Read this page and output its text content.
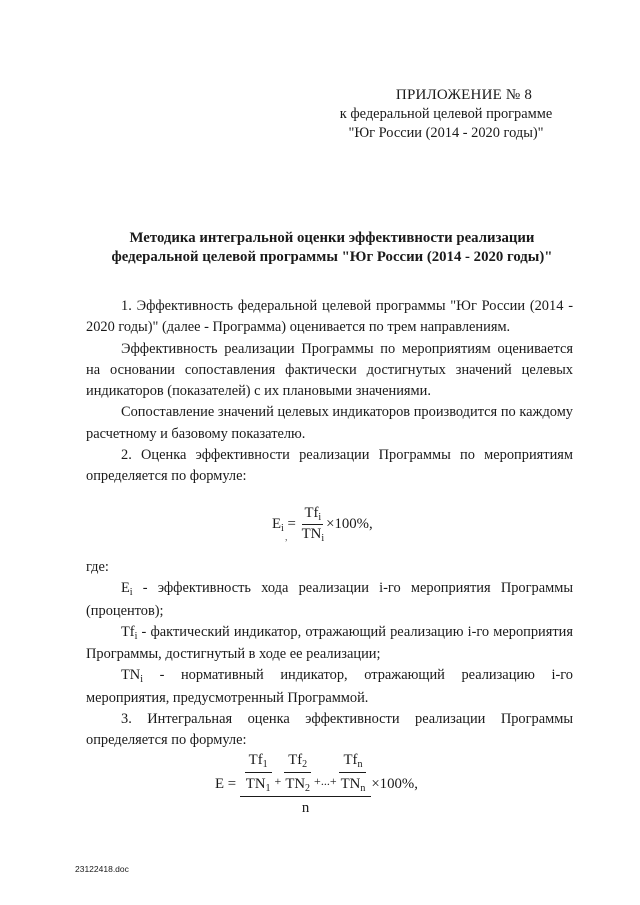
ПРИЛОЖЕНИЕ № 8
к федеральной целевой программе
"Юг России (2014 - 2020 годы)"
Методика интегральной оценки эффективности реализации
федеральной целевой программы "Юг России (2014 - 2020 годы)"

1. Эффективность федеральной целевой программы "Юг России (2014 - 2020 годы)" (далее - Программа) оценивается по трем направлениям.

Эффективность реализации Программы по мероприятиям оценивается на основании сопоставления фактически достигнутых значений целевых индикаторов (показателей) с их плановыми значениями.

Сопоставление значений целевых индикаторов производится по каждому расчетному и базовому показателю.

2. Оценка эффективности реализации Программы по мероприятиям определяется по формуле:

$E_i = \frac{Tf_i}{TN_i} \times 100\%$,
,

где:

$E_i$ - эффективность хода реализации i-го мероприятия Программы (процентов);

$Tf_i$ - фактический индикатор, отражающий реализацию i-го мероприятия Программы, достигнутый в ходе ее реализации;

$TN_i$ - нормативный индикатор, отражающий реализацию i-го мероприятия, предусмотренный Программой.

3. Интегральная оценка эффективности реализации Программы определяется по формуле:

$E = \frac{Tf_1}{TN_1} + \frac{Tf_2}{TN_2}$ +...+ $\frac{Tf_n}{TN_n}$
n
×100%,
23122418.doc
